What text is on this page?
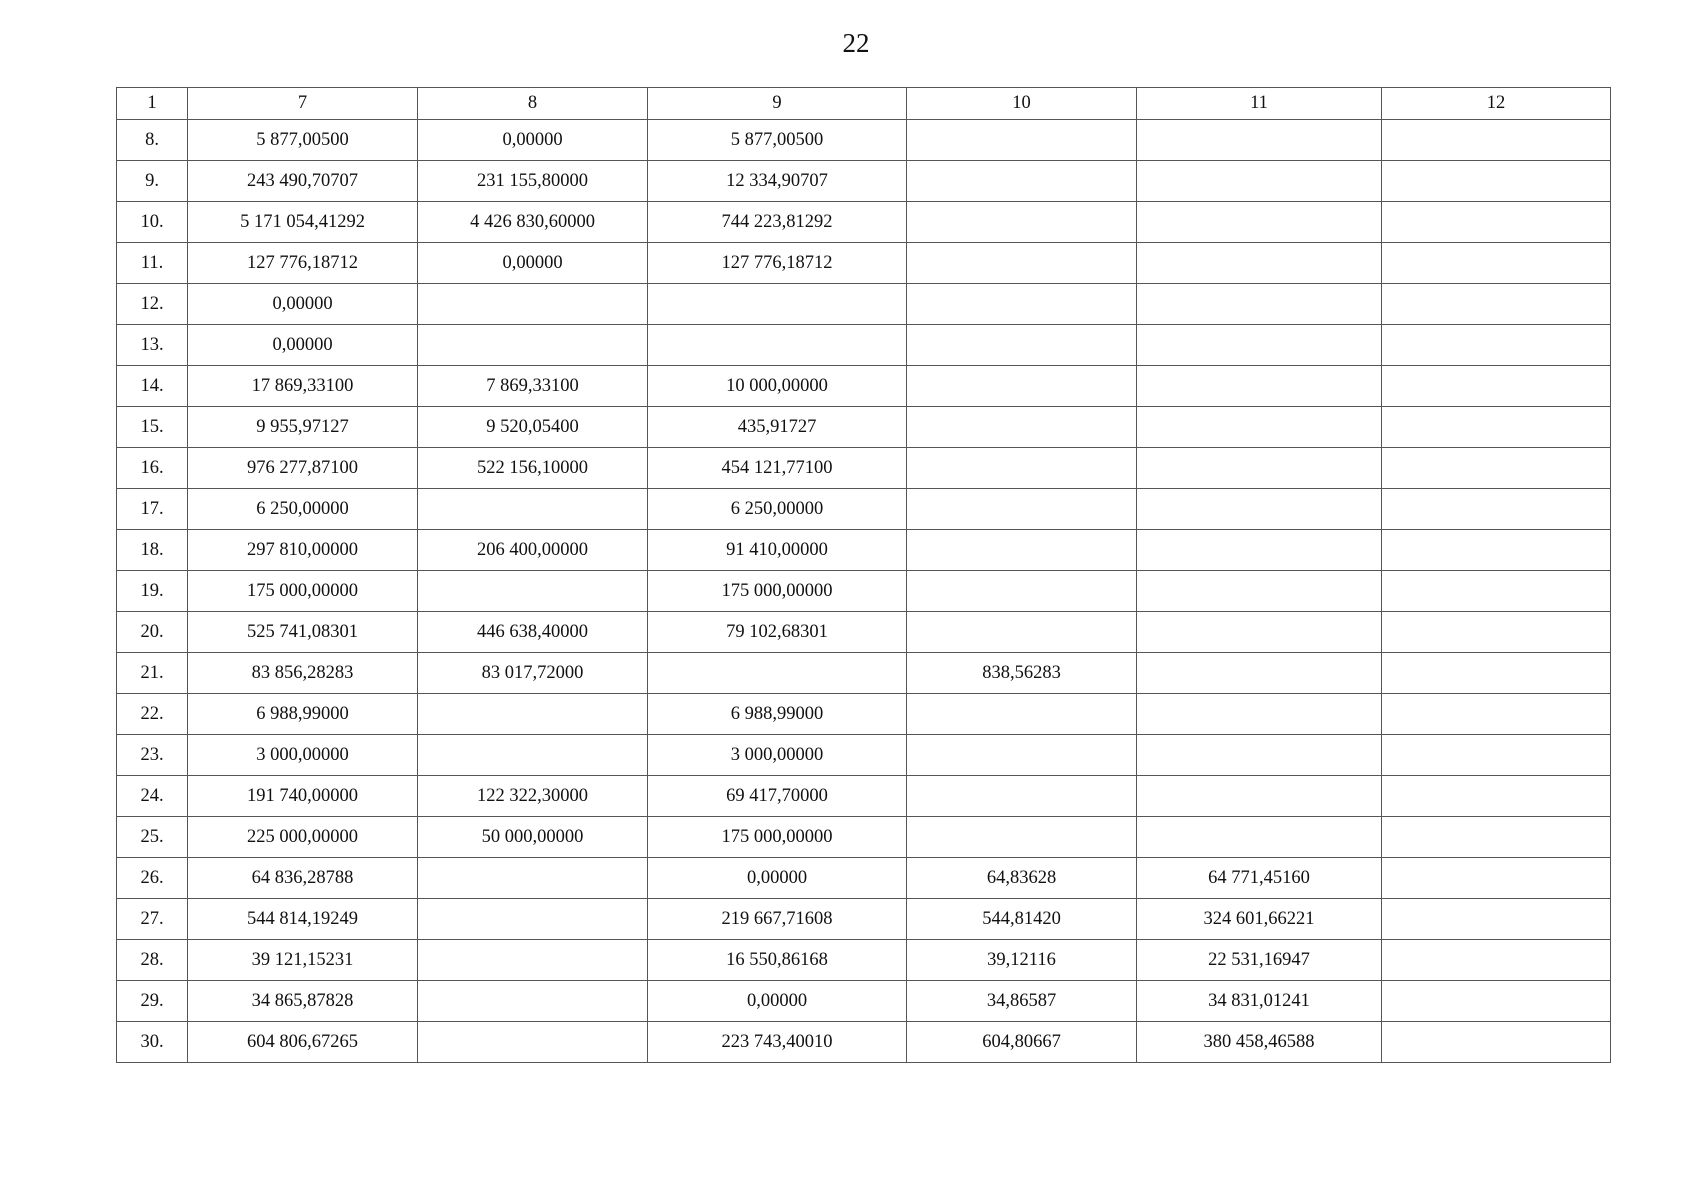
22
1	7	8	9	10	11	12
8.	5 877,00500	0,00000	5 877,00500			
9.	243 490,70707	231 155,80000	12 334,90707			
10.	5 171 054,41292	4 426 830,60000	744 223,81292			
11.	127 776,18712	0,00000	127 776,18712			
12.	0,00000					
13.	0,00000					
14.	17 869,33100	7 869,33100	10 000,00000			
15.	9 955,97127	9 520,05400	435,91727			
16.	976 277,87100	522 156,10000	454 121,77100			
17.	6 250,00000		6 250,00000			
18.	297 810,00000	206 400,00000	91 410,00000			
19.	175 000,00000		175 000,00000			
20.	525 741,08301	446 638,40000	79 102,68301			
21.	83 856,28283	83 017,72000		838,56283		
22.	6 988,99000		6 988,99000			
23.	3 000,00000		3 000,00000			
24.	191 740,00000	122 322,30000	69 417,70000			
25.	225 000,00000	50 000,00000	175 000,00000			
26.	64 836,28788		0,00000	64,83628	64 771,45160	
27.	544 814,19249		219 667,71608	544,81420	324 601,66221	
28.	39 121,15231		16 550,86168	39,12116	22 531,16947	
29.	34 865,87828		0,00000	34,86587	34 831,01241	
30.	604 806,67265		223 743,40010	604,80667	380 458,46588	
